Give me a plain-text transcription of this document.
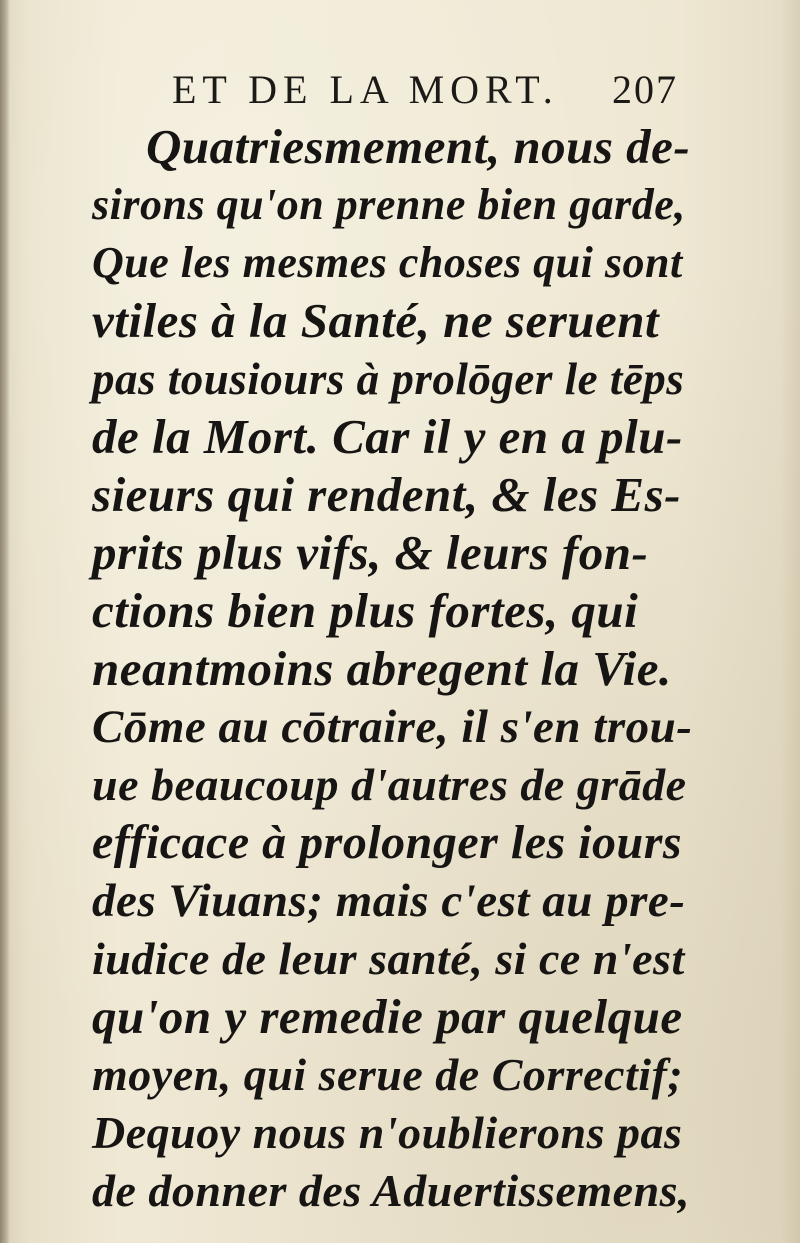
ET DE LA MORT. 207
Quatriesmement, nous de-
sirons qu'on prenne bien garde,
Que les mesmes choses qui sont
vtiles à la Santé, ne seruent
pas tousiours à prolōger le tēps
de la Mort. Car il y en a plu-
sieurs qui rendent, & les Es-
prits plus vifs, & leurs fon-
ctions bien plus fortes, qui
neantmoins abregent la Vie.
Cōme au cōtraire, il s'en trou-
ue beaucoup d'autres de grāde
efficace à prolonger les iours
des Viuans; mais c'est au pre-
iudice de leur santé, si ce n'est
qu'on y remedie par quelque
moyen, qui serue de Correctif;
Dequoy nous n'oublierons pas
de donner des Aduertissemens,
